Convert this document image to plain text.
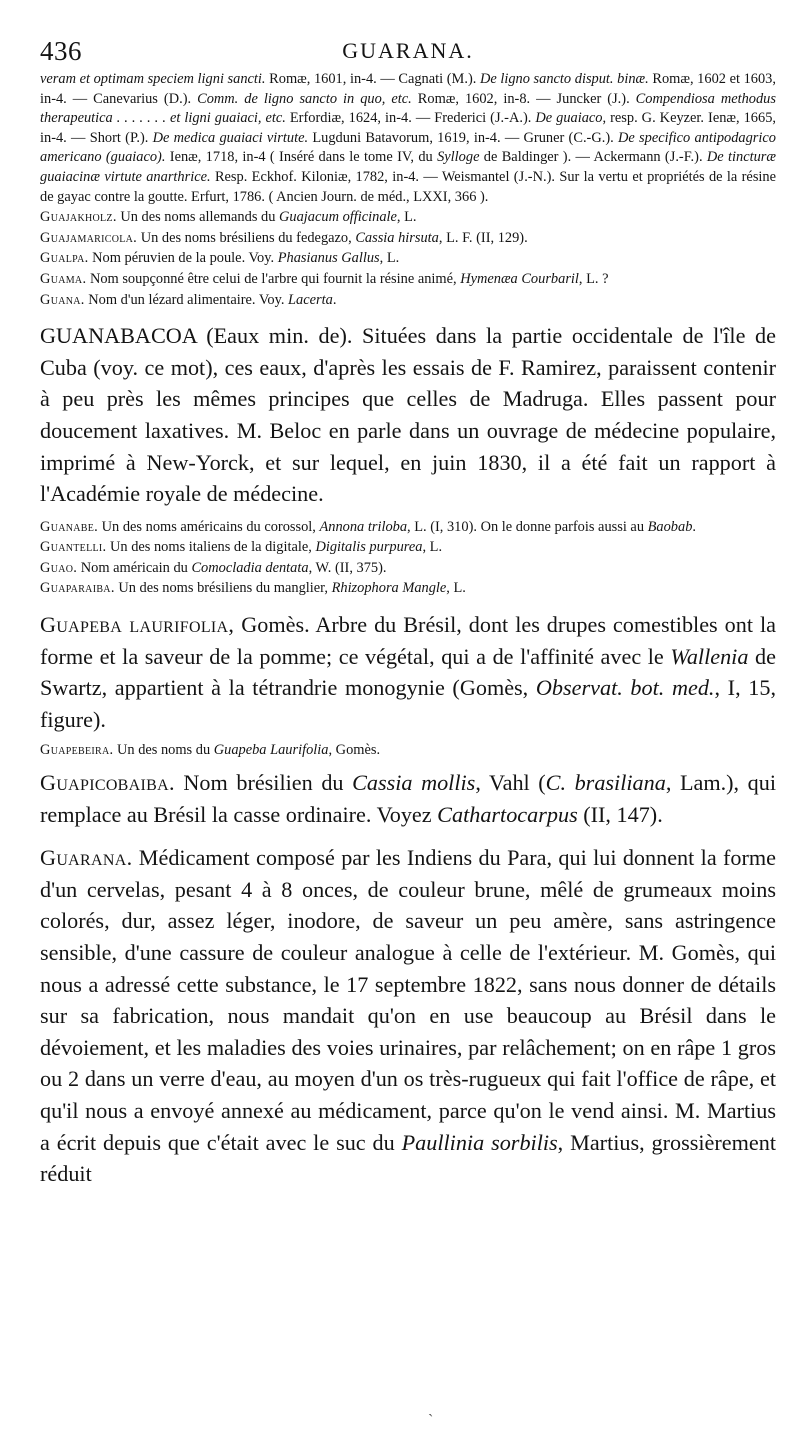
436	GUARANA.

veram et optimam speciem ligni sancti. Romæ, 1601, in-4. — Cagnati (M.). De ligno sancto disput. binæ. Romæ, 1602 et 1603, in-4. — Canevarius (D.). Comm. de ligno sancto in quo, etc. Romæ, 1602, in-8. — Juncker (J.). Compendiosa methodus therapeutica . . . . . . . et ligni guaiaci, etc. Erfordiæ, 1624, in-4. — Frederici (J.-A.). De guaiaco, resp. G. Keyzer. Ienæ, 1665, in-4. — Short (P.). De medica guaiaci virtute. Lugduni Batavorum, 1619, in-4. — Gruner (C.-G.). De specifico antipodagrico americano (guaiaco). Ienæ, 1718, in-4 ( Inséré dans le tome IV, du Sylloge de Baldinger ). — Ackermann (J.-F.). De tincturæ guaiacinæ virtute anarthrice. Resp. Eckhof. Kiloniæ, 1782, in-4. — Weismantel (J.-N.). Sur la vertu et propriétés de la résine de gayac contre la goutte. Erfurt, 1786. ( Ancien Journ. de méd., LXXI, 366 ).

Guajakholz. Un des noms allemands du Guajacum officinale, L.

Guajamaricola. Un des noms brésiliens du fedegazo, Cassia hirsuta, L. F. (II, 129).

Gualpa. Nom péruvien de la poule. Voy. Phasianus Gallus, L.

Guama. Nom soupçonné être celui de l'arbre qui fournit la résine animé, Hymenæa Courbaril, L. ?

Guana. Nom d'un lézard alimentaire. Voy. Lacerta.

GUANABACOA (Eaux min. de). Situées dans la partie occidentale de l'île de Cuba (voy. ce mot), ces eaux, d'après les essais de F. Ramirez, paraissent contenir à peu près les mêmes principes que celles de Madruga. Elles passent pour doucement laxatives. M. Beloc en parle dans un ouvrage de médecine populaire, imprimé à New-Yorck, et sur lequel, en juin 1830, il a été fait un rapport à l'Académie royale de médecine.

Guanabe. Un des noms américains du corossol, Annona triloba, L. (I, 310). On le donne parfois aussi au Baobab.

Guantelli. Un des noms italiens de la digitale, Digitalis purpurea, L.

Guao. Nom américain du Comocladia dentata, W. (II, 375).

Guaparaiba. Un des noms brésiliens du manglier, Rhizophora Mangle, L.

Guapeba laurifolia, Gomès. Arbre du Brésil, dont les drupes comestibles ont la forme et la saveur de la pomme; ce végétal, qui a de l'affinité avec le Wallenia de Swartz, appartient à la tétrandrie monogynie (Gomès, Observat. bot. med., I, 15, figure).

Guapebeira. Un des noms du Guapeba Laurifolia, Gomès.

Guapicobaiba. Nom brésilien du Cassia mollis, Vahl (C. brasiliana, Lam.), qui remplace au Brésil la casse ordinaire. Voyez Cathartocarpus (II, 147).

Guarana. Médicament composé par les Indiens du Para, qui lui donnent la forme d'un cervelas, pesant 4 à 8 onces, de couleur brune, mêlé de grumeaux moins colorés, dur, assez léger, inodore, de saveur un peu amère, sans astringence sensible, d'une cassure de couleur analogue à celle de l'extérieur. M. Gomès, qui nous a adressé cette substance, le 17 septembre 1822, sans nous donner de détails sur sa fabrication, nous mandait qu'on en use beaucoup au Brésil dans le dévoiement, et les maladies des voies urinaires, par relâchement; on en râpe 1 gros ou 2 dans un verre d'eau, au moyen d'un os très-rugueux qui fait l'office de râpe, et qu'il nous a envoyé annexé au médicament, parce qu'on le vend ainsi. M. Martius a écrit depuis que c'était avec le suc du Paullinia sorbilis, Martius, grossièrement réduit

ˏ
